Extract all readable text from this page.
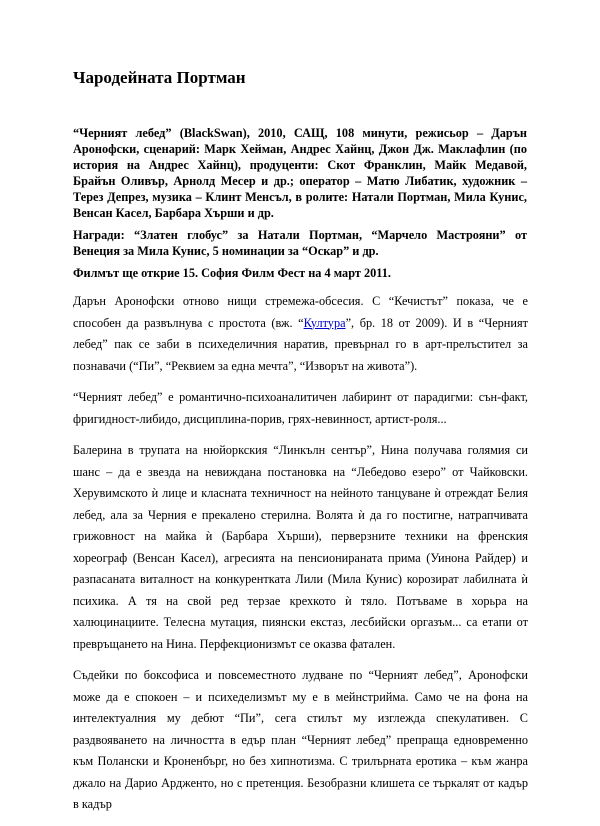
Чародейната Портман

“Черният лебед” (BlackSwan), 2010, САЩ, 108 минути, режисьор – Дарън Аронофски, сценарий: Марк Хейман, Андрес Хайнц, Джон Дж. Маклафлин (по история на Андрес Хайнц), продуценти: Скот Франклин, Майк Медавой, Брайън Оливър, Арнолд Месер и др.; оператор – Матю Либатик, художник – Терез Депрез, музика – Клинт Менсъл, в ролите: Натали Портман, Мила Кунис, Венсан Касел, Барбара Хърши и др.

Награди: “Златен глобус” за Натали Портман, “Марчело Мастрояни” от Венеция за Мила Кунис, 5 номинации за “Оскар” и др.

Филмът ще открие 15. София Филм Фест на 4 март 2011.

Дарън Аронофски отново нищи стремежа-обсесия. С “Кечистът” показа, че е способен да развълнува с простота (вж. “Култура”, бр. 18 от 2009). И в “Черният лебед” пак се заби в психеделичния наратив, превърнал го в арт-прелъстител за познавачи (“Пи”, “Реквием за една мечта”, “Изворът на живота”).

“Черният лебед” е романтично-психоаналитичен лабиринт от парадигми: сън-факт, фригидност-либидо, дисциплина-порив, грях-невинност, артист-роля...

Балерина в трупата на нюйоркския “Линкълн сентър”, Нина получава голямия си шанс – да е звезда на невиждана постановка на “Лебедово езеро” от Чайковски. Херувимското ѝ лице и класната техничност на нейното танцуване ѝ отреждат Белия лебед, ала за Черния е прекалено стерилна. Волята ѝ да го постигне, натрапчивата грижовност на майка ѝ (Барбара Хърши), перверзните техники на френския хореограф (Венсан Касел), агресията на пенсионираната прима (Уинона Райдер) и разпасаната виталност на конкурентката Лили (Мила Кунис) корозират лабилната ѝ психика. А тя на свой ред терзае крехкото ѝ тяло. Потъваме в хорьра на халюцинациите. Телесна мутация, пиянски екстаз, лесбийски оргазъм... са етапи от превръщането на Нина. Перфекционизмът се оказва фатален.

Съдейки по боксофиса и повсеместното лудване по “Черният лебед”, Аронофски може да е спокоен – и психеделизмът му е в мейнстрийма. Само че на фона на интелектуалния му дебют “Пи”, сега стилът му изглежда спекулативен. С раздвояването на личността в едър план “Черният лебед” препраща едновременно към Полански и Кроненбърг, но без хипнотизма. С трилърната еротика – към жанра джало на Дарио Ардженто, но с претенция. Безобразни клишета се търкалят от кадър в кадър
